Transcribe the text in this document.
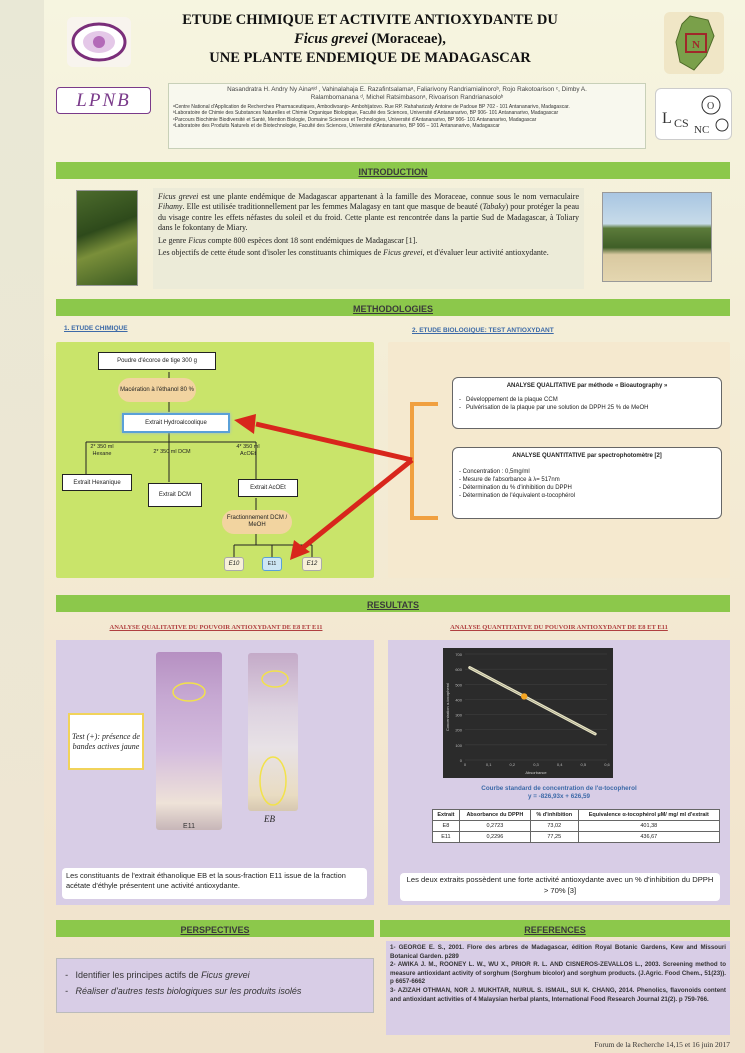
ETUDE CHIMIQUE ET ACTIVITE ANTIOXYDANTE DU
Ficus grevei (Moraceae),
UNE PLANTE ENDEMIQUE DE MADAGASCAR
N
LPNB
Nasandratra H. Andry Ny Ainaᵃʲᵈ , Vahinalahaja E. Razafintsalamaᵃ, Faliarivony Randriamialinoroᵇ, Rojo Rakotoarison ᶜ, Dimby A.
Ralambomanana ᵈ, Michel Ratsimbasonᵃ, Rivoarison Randrianasoloᵇ
ᵃCentre National d'Application de Recherches Pharmaceutiques, Ambodivoanjo- Ambohijatovo. Rue RP. Rahaharizafy Antoine de Padoue BP 702 - 101 Antananarivo, Madagascar.
ᵇLaboratoire de Chimie des Substances Naturelles et Chimie Organique Biologique, Faculté des Sciences, Université d'Antananarivo, BP 906- 101 Antananarivo, Madagascar
ᶜParcours Biochimie Biodiversité et Santé, Mention Biologie, Domaine Sciences et Technologies, Université d'Antananarivo, BP 906- 101 Antananarivo, Madagascar
ᵈLaboratoire des Produits Naturels et de Biotechnologie, Faculté des Sciences, Université d'Antananarivo, BP 906 – 101 Antananarivo, Madagascar	L CS
O
NC
INTRODUCTION

Ficus grevei est une plante endémique de Madagascar appartenant à la famille des Moraceae, connue sous le nom vernaculaire Fihamy. Elle est utilisée traditionnellement par les femmes Malagasy en tant que masque de beauté (Tabaky) pour protéger la peau du visage contre les effets néfastes du soleil et du froid. Cette plante est rencontrée dans la partie Sud de Madagascar, à Toliary dans le fokontany de Miary.

Le genre Ficus compte 800 espèces dont 18 sont endémiques de Madagascar [1].

Les objectifs de cette étude sont d'isoler les constituants chimiques de Ficus grevei, et d'évaluer leur activité antioxydante.

METHODOLOGIES
1. ETUDE CHIMIQUE	2. ETUDE BIOLOGIQUE: TEST ANTIOXYDANT
Poudre d'écorce de tige 300 g
Macération à l'éthanol 80 %
Extrait Hydroalcoolique
2* 350 ml Hexane	2* 350 ml DCM
4* 350 ml AcOEt
Extrait Hexanique
Extrait DCM
Extrait AcOEt
Fractionnement DCM / MeOH
E10	E11	E12
ANALYSE QUALITATIVE par méthode « Bioautography »
-   Développement de la plaque CCM
-   Pulvérisation de la plaque par une solution de DPPH 25 % de MeOH
ANALYSE QUANTITATIVE par spectrophotomètre [2]
- Concentration : 0,5mg/ml
- Mesure de l'absorbance à λ= 517nm
- Détermination du % d'inhibition du DPPH
- Détermination de l'équivalent α-tocophérol
RESULTATS
ANALYSE QUALITATIVE DU POUVOIR ANTIOXYDANT DE E8 ET E11	ANALYSE QUANTITATIVE DU POUVOIR ANTIOXYDANT DE E8 ET E11
Test (+): présence de bandes actives jaune
E11
EB
Les constituants de l'extrait éthanolique EB et la sous-fraction E11 issue de la fraction acétate d'éthyle présentent une activité antioxydante.
0
100
200
300
400
500
600
700
0	0,1	0,2	0,3	0,4	0,5	0,6
Absorbance
Concentration α-tocopherol
Courbe standard de concentration de l'α-tocopherol
y = -826,93x + 626,59
Extrait	Absorbance du DPPH	% d'inhibition	Equivalence α-tocophérol µM/ mg/ ml d'extrait
E8	0,2723	73,02	401,38
E11	0,2296	77,25	436,67
Les deux extraits possèdent une forte activité antioxydante avec un % d'inhibition du DPPH > 70% [3]
PERSPECTIVES	REFERENCES
-   Identifier les principes actifs de Ficus grevei
-   Réaliser d'autres tests biologiques sur les produits isolés
1- GEORGE E. S., 2001. Flore des arbres de Madagascar, édition Royal Botanic Gardens, Kew and Missouri Botanical Garden. p289
2- AWIKA J. M., ROONEY L. W., WU X., PRIOR R. L. AND CISNEROS-ZEVALLOS L., 2003. Screening method to measure antioxidant activity of sorghum (Sorghum bicolor) and sorghum products. (J.Agric. Food Chem., 51(23)). p 6657-6662
3- AZIZAH OTHMAN, NOR J. MUKHTAR, NURUL S. ISMAIL, SUI K. CHANG, 2014. Phenolics, flavonoids content and antioxidant activities of 4 Malaysian herbal plants, International Food Research Journal 21(2). p 759-766.
Forum de la Recherche 14,15 et 16 juin 2017
